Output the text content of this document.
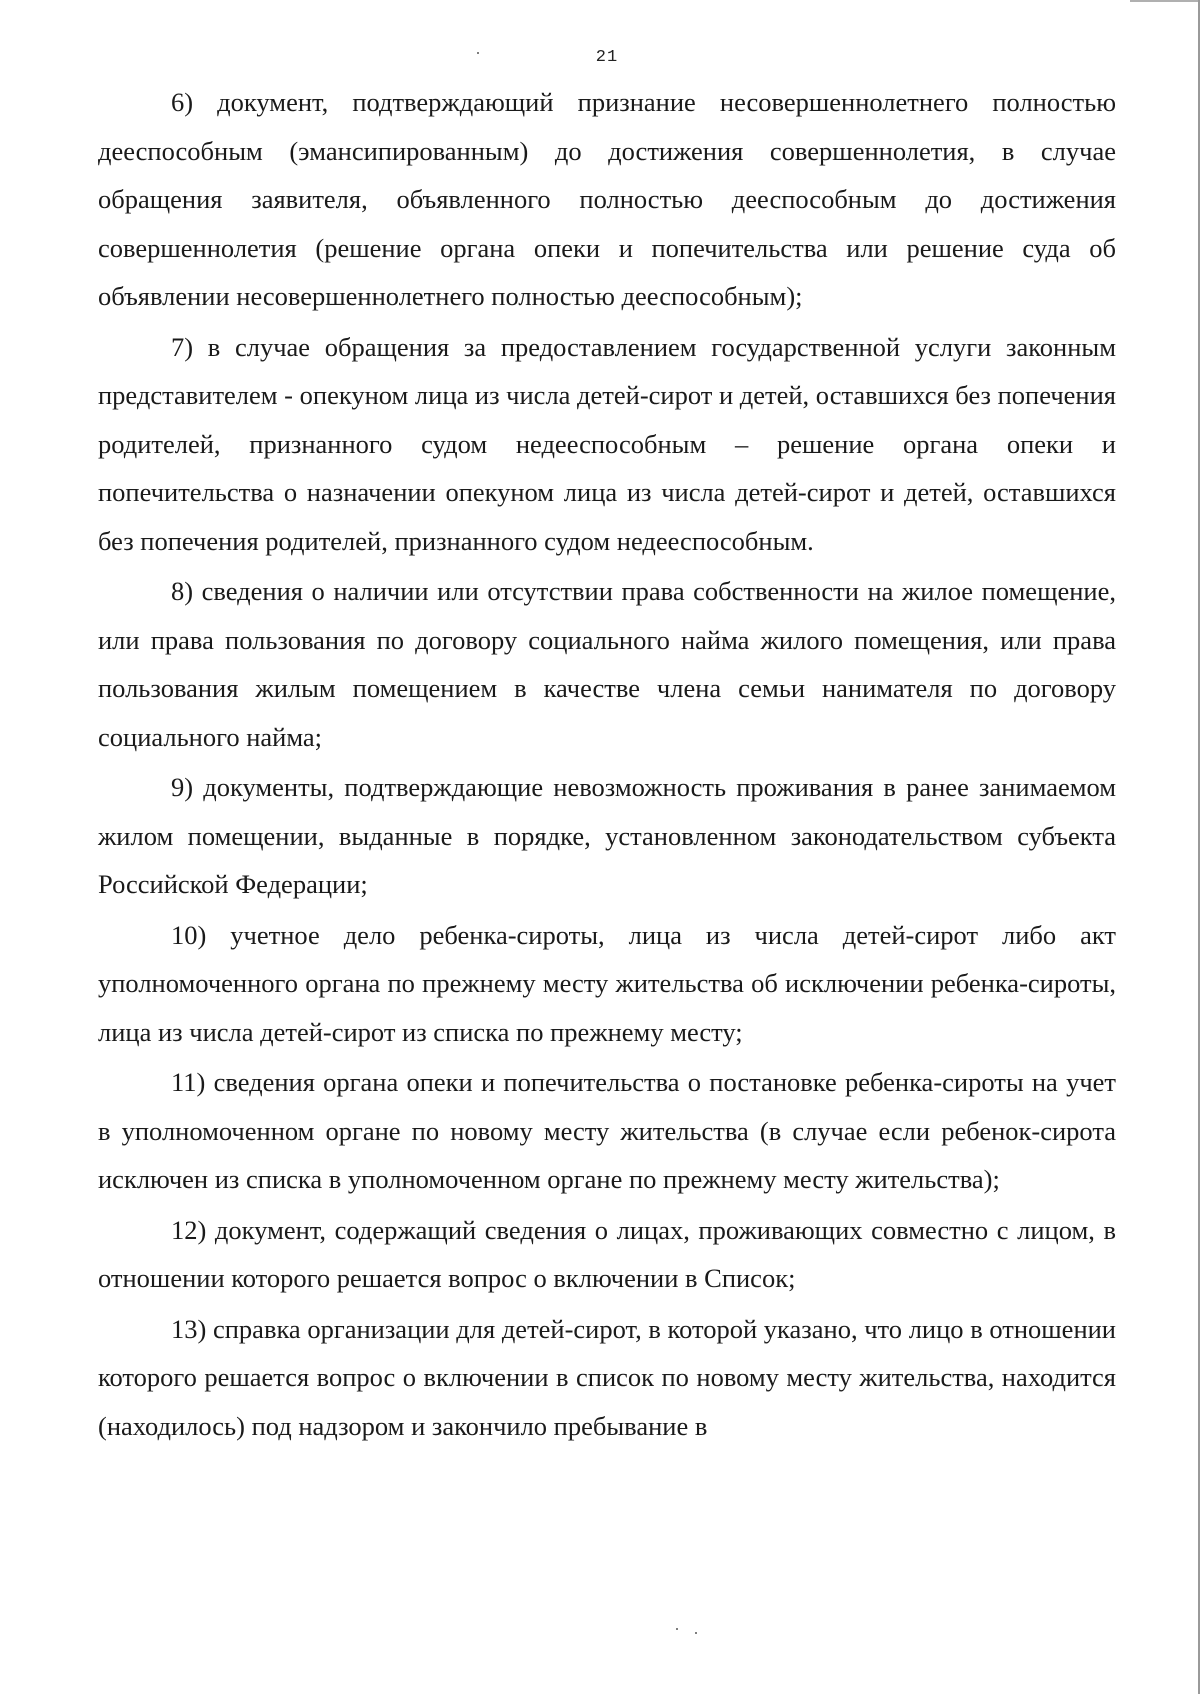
21

6) документ, подтверждающий признание несовершеннолетнего полностью дееспособным (эмансипированным) до достижения совершеннолетия, в случае обращения заявителя, объявленного полностью дееспособным до достижения совершеннолетия (решение органа опеки и попечительства или решение суда об объявлении несовершеннолетнего полностью дееспособным);

7) в случае обращения за предоставлением государственной услуги законным представителем - опекуном лица из числа детей-сирот и детей, оставшихся без попечения родителей, признанного судом недееспособным – решение органа опеки и попечительства о назначении опекуном лица из числа детей-сирот и детей, оставшихся без попечения родителей, признанного судом недееспособным.

8) сведения о наличии или отсутствии права собственности на жилое помещение, или права пользования по договору социального найма жилого помещения, или права пользования жилым помещением в качестве члена семьи нанимателя по договору социального найма;

9) документы, подтверждающие невозможность проживания в ранее занимаемом жилом помещении, выданные в порядке, установленном законодательством субъекта Российской Федерации;

10) учетное дело ребенка-сироты, лица из числа детей-сирот либо акт уполномоченного органа по прежнему месту жительства об исключении ребенка-сироты, лица из числа детей-сирот из списка по прежнему месту;

11) сведения органа опеки и попечительства о постановке ребенка-сироты на учет в уполномоченном органе по новому месту жительства (в случае если ребенок-сирота исключен из списка в уполномоченном органе по прежнему месту жительства);

12) документ, содержащий сведения о лицах, проживающих совместно с лицом, в отношении которого решается вопрос о включении в Список;

13) справка организации для детей-сирот, в которой указано, что лицо в отношении которого решается вопрос о включении в список по новому месту жительства, находится (находилось) под надзором и закончило пребывание в
